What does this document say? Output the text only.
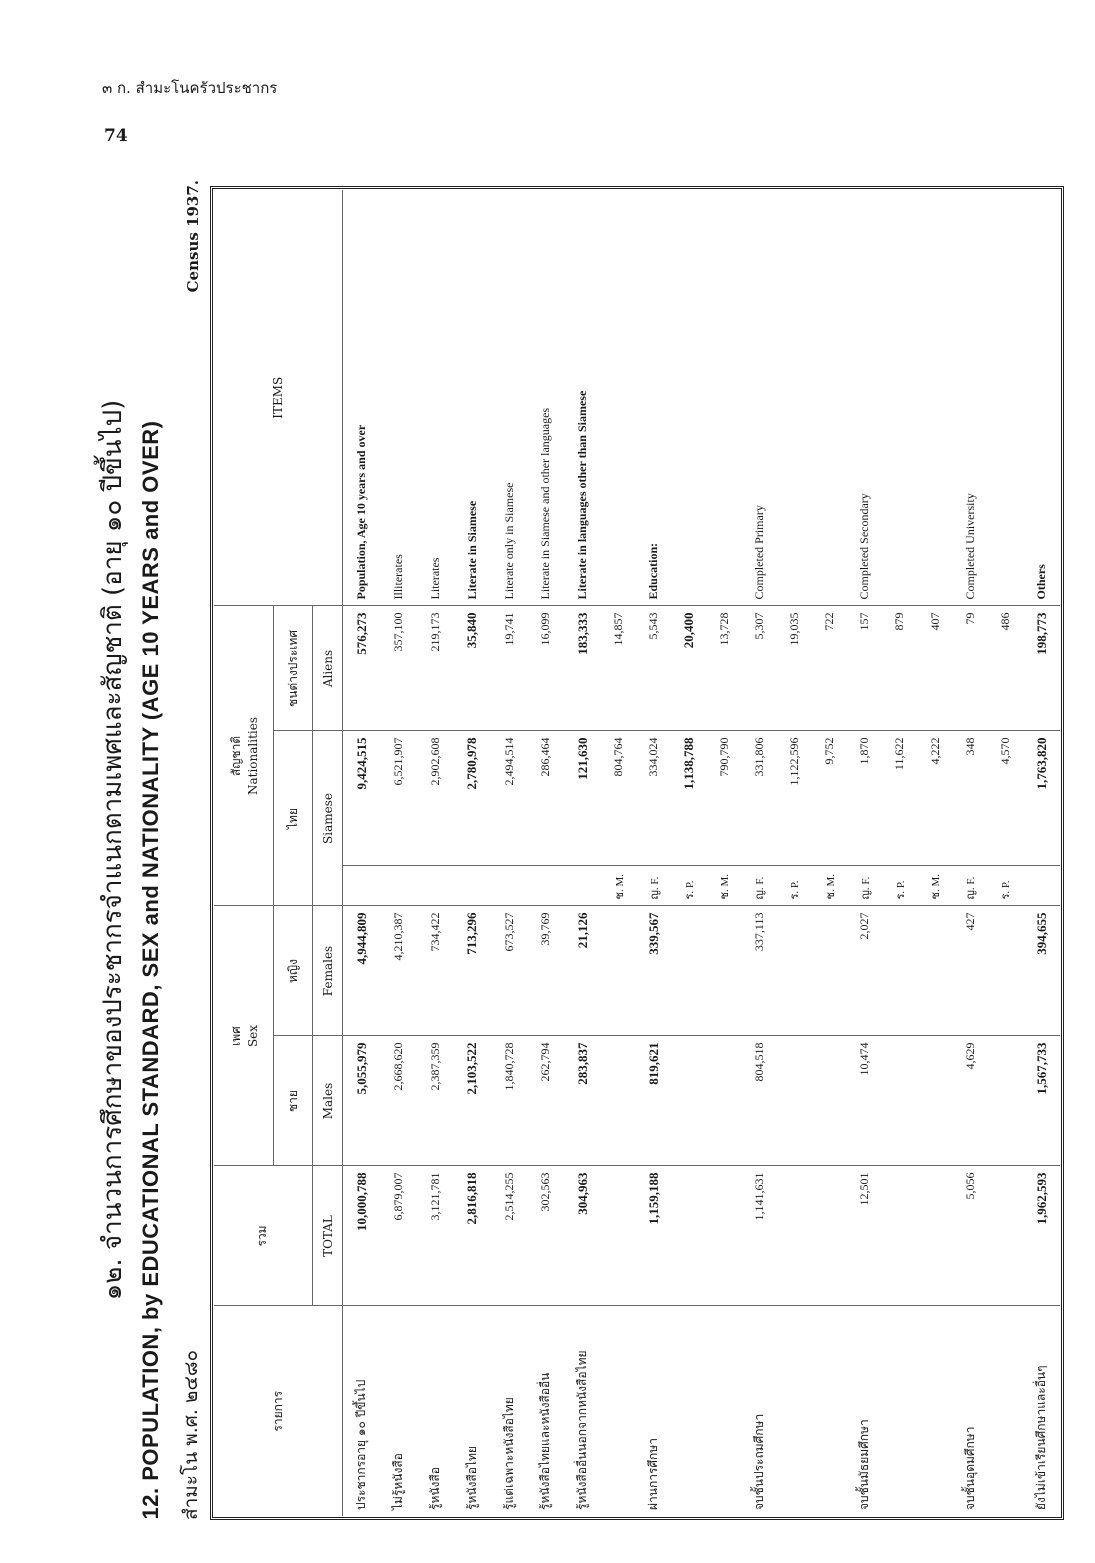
๓ ก. สำมะโนครัวประชากร
74
๑๒. จำนวนการศึกษาของประชากรจำแนกตามเพศและสัญชาติ (อายุ ๑๐ ปีขึ้นไป) 12. POPULATION, by EDUCATIONAL STANDARD, SEX and NATIONALITY (AGE 10 YEARS and OVER) สำมะโน พ.ศ. ๒๔๘๐
Census 1937.
รายการ	รวม	เพศ Sex		สัญชาติ Nationalities			ITEMS
		ชาย	หญิง	ไทย		ชนต่างประเทศ	
	TOTAL	Males	Females	Siamese		Aliens	
ประชากรอายุ ๑๐ ปีขึ้นไป	10,000,788	5,055,979	4,944,809		9,424,515	576,273	Population, Age 10 years and over
ไม่รู้หนังสือ	6,879,007	2,668,620	4,210,387		6,521,907	357,100	Illiterates
รู้หนังสือ	3,121,781	2,387,359	734,422		2,902,608	219,173	Literates
รู้หนังสือไทย	2,816,818	2,103,522	713,296		2,780,978	35,840	Literate in Siamese
รู้แต่เฉพาะหนังสือไทย	2,514,255	1,840,728	673,527		2,494,514	19,741	Literate only in Siamese
รู้หนังสือไทยและหนังสืออื่น	302,563	262,794	39,769		286,464	16,099	Literate in Siamese and other languages
รู้หนังสืออื่นนอกจากหนังสือไทย	304,963	283,837	21,126		121,630	183,333	Literate in languages other than Siamese
ผ่านการศึกษา	1,159,188	819,621	339,567	ช. M.	804,764	14,857	Education:
				ญ. F.	334,024	5,543	
				ร. P.	1,138,788	20,400	
จบชั้นประถมศึกษา	1,141,631	804,518	337,113	ช. M.	790,790	13,728	Completed Primary
				ญ. F.	331,806	5,307	
				ร. P.	1,122,596	19,035	
จบชั้นมัธยมศึกษา	12,501	10,474	2,027	ช. M.	9,752	722	Completed Secondary
				ญ. F.	1,870	157	
				ร. P.	11,622	879	
จบชั้นอุดมศึกษา	5,056	4,629	427	ช. M.	4,222	407	Completed University
				ญ. F.	348	79	
				ร. P.	4,570	486	
ยังไม่เข้าเรียนศึกษาและอื่นๆ	1,962,593	1,567,733	394,655		1,763,820	198,773	Others
